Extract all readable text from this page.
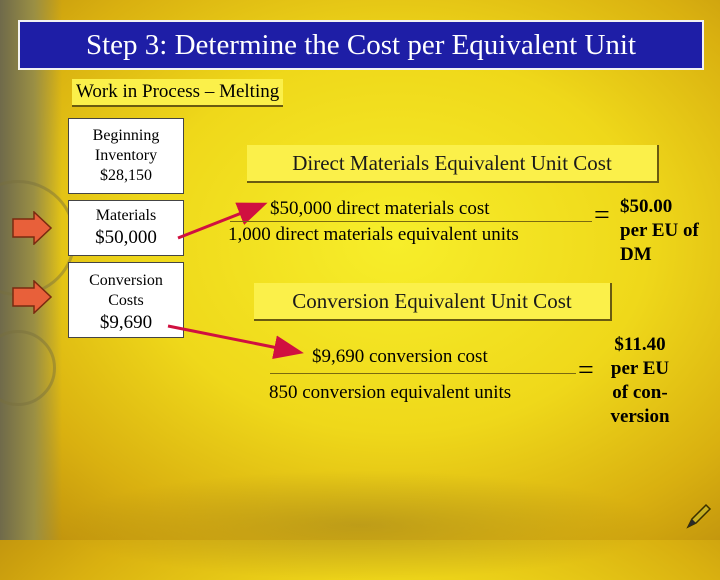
Step 3: Determine the Cost per Equivalent Unit
Work in Process – Melting
Beginning
Inventory
$28,150
Materials
$50,000
Conversion
Costs
$9,690
Direct Materials Equivalent Unit Cost
$50,000 direct materials cost
1,000 direct materials equivalent units
= $50.00
per EU of
DM
Conversion Equivalent Unit Cost
$9,690 conversion cost
850 conversion equivalent units
=
$11.40
per EU
of con-
version
